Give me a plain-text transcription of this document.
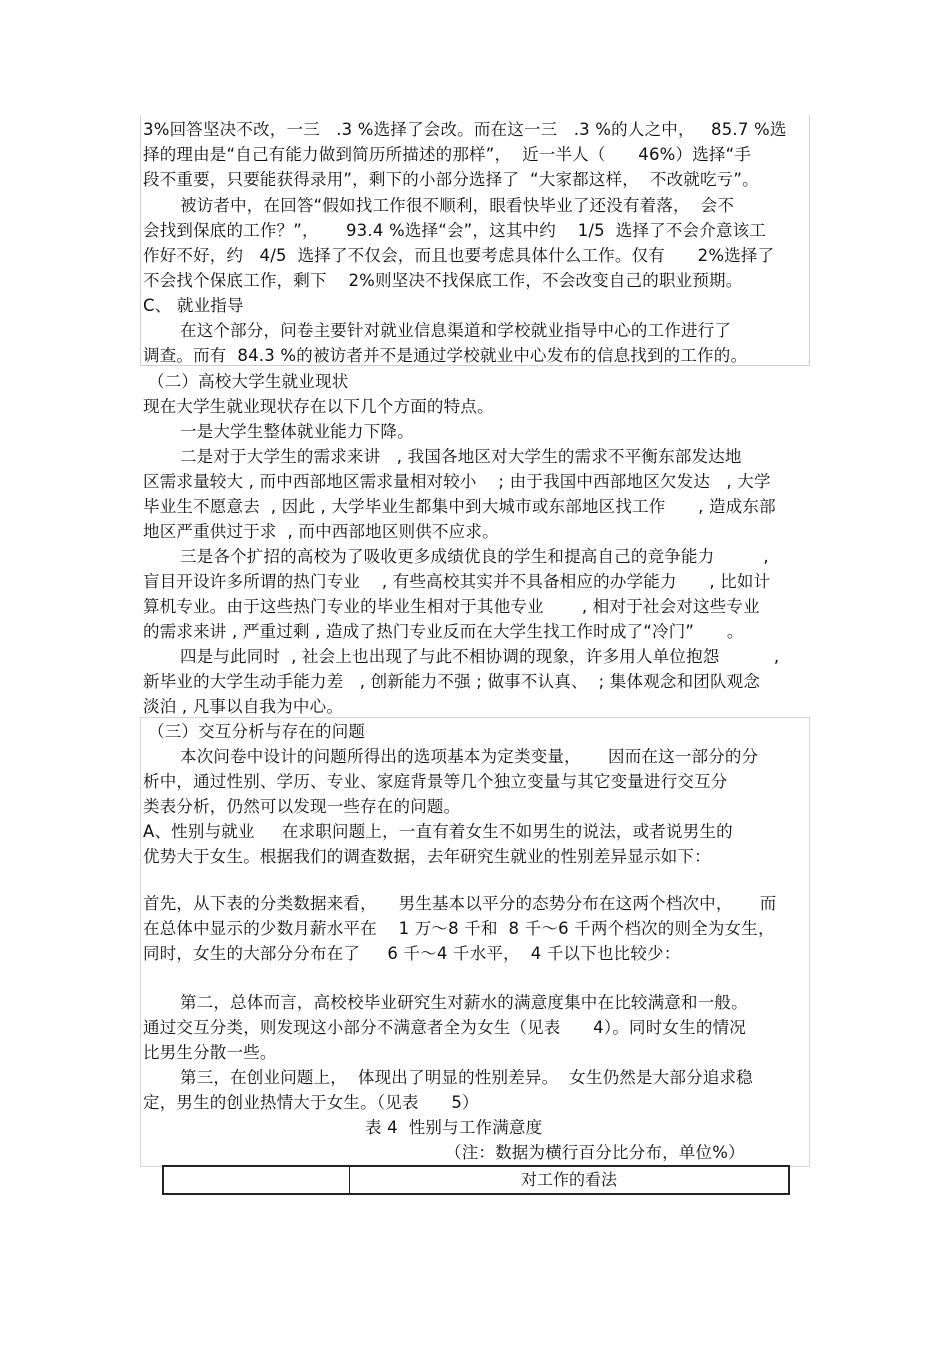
3%回答坚决不改，一三   .3 %选择了会改。而在这一三   .3 %的人之中，   85.7 %选
择的理由是“自己有能力做到简历所描述的那样”，  近一半人（      46%）选择“手
段不重要，只要能获得录用”，剩下的小部分选择了  “大家都这样，  不改就吃亏”。
被访者中，在回答“假如找工作很不顺利，眼看快毕业了还没有着落，  会不
会找到保底的工作？”，     93.4 %选择“会”，这其中约    1/5  选择了不会介意该工
作好不好，约   4/5  选择了不仅会，而且也要考虑具体什么工作。仅有      2%选择了
不会找个保底工作，剩下    2%则坚决不找保底工作，不会改变自己的职业预期。
C、 就业指导
在这个部分，问卷主要针对就业信息渠道和学校就业指导中心的工作进行了
调查。而有  84.3 %的被访者并不是通过学校就业中心发布的信息找到的工作的。
（二）高校大学生就业现状
现在大学生就业现状存在以下几个方面的特点。
一是大学生整体就业能力下降。
二是对于大学生的需求来讲   , 我国各地区对大学生的需求不平衡东部发达地
区需求量较大 , 而中西部地区需求量相对较小    ; 由于我国中西部地区欠发达   , 大学
毕业生不愿意去  , 因此 , 大学毕业生都集中到大城市或东部地区找工作      , 造成东部
地区严重供过于求  , 而中西部地区则供不应求。
三是各个扩招的高校为了吸收更多成绩优良的学生和提高自己的竞争能力         ,
盲目开设许多所谓的热门专业    , 有些高校其实并不具备相应的办学能力      , 比如计
算机专业。由于这些热门专业的毕业生相对于其他专业       , 相对于社会对这些专业
的需求来讲 , 严重过剩 , 造成了热门专业反而在大学生找工作时成了“冷门”      。
四是与此同时  , 社会上也出现了与此不相协调的现象，许多用人单位抱怨          ,
新毕业的大学生动手能力差   , 创新能力不强 ; 做事不认真、  ; 集体观念和团队观念
淡泊 , 凡事以自我为中心。
（三）交互分析与存在的问题
本次问卷中设计的问题所得出的选项基本为定类变量，     因而在这一部分的分
析中，通过性别、学历、专业、家庭背景等几个独立变量与其它变量进行交互分
类表分析，仍然可以发现一些存在的问题。
A、性别与就业     在求职问题上，一直有着女生不如男生的说法，或者说男生的
优势大于女生。根据我们的调查数据，去年研究生就业的性别差异显示如下：
首先，从下表的分类数据来看，    男生基本以平分的态势分布在这两个档次中，     而
在总体中显示的少数月薪水平在    1 万～8 千和  8 千～6 千两个档次的则全为女生，
同时，女生的大部分分布在了     6 千～4 千水平，  4 千以下也比较少：
第二，总体而言，高校校毕业研究生对薪水的满意度集中在比较满意和一般。
通过交互分类，则发现这小部分不满意者全为女生（见表      4）。同时女生的情况
比男生分散一些。
第三，在创业问题上，  体现出了明显的性别差异。  女生仍然是大部分追求稳
定，男生的创业热情大于女生。（见表      5）
表 4  性别与工作满意度
（注：数据为横行百分比分布，单位%）
对工作的看法
